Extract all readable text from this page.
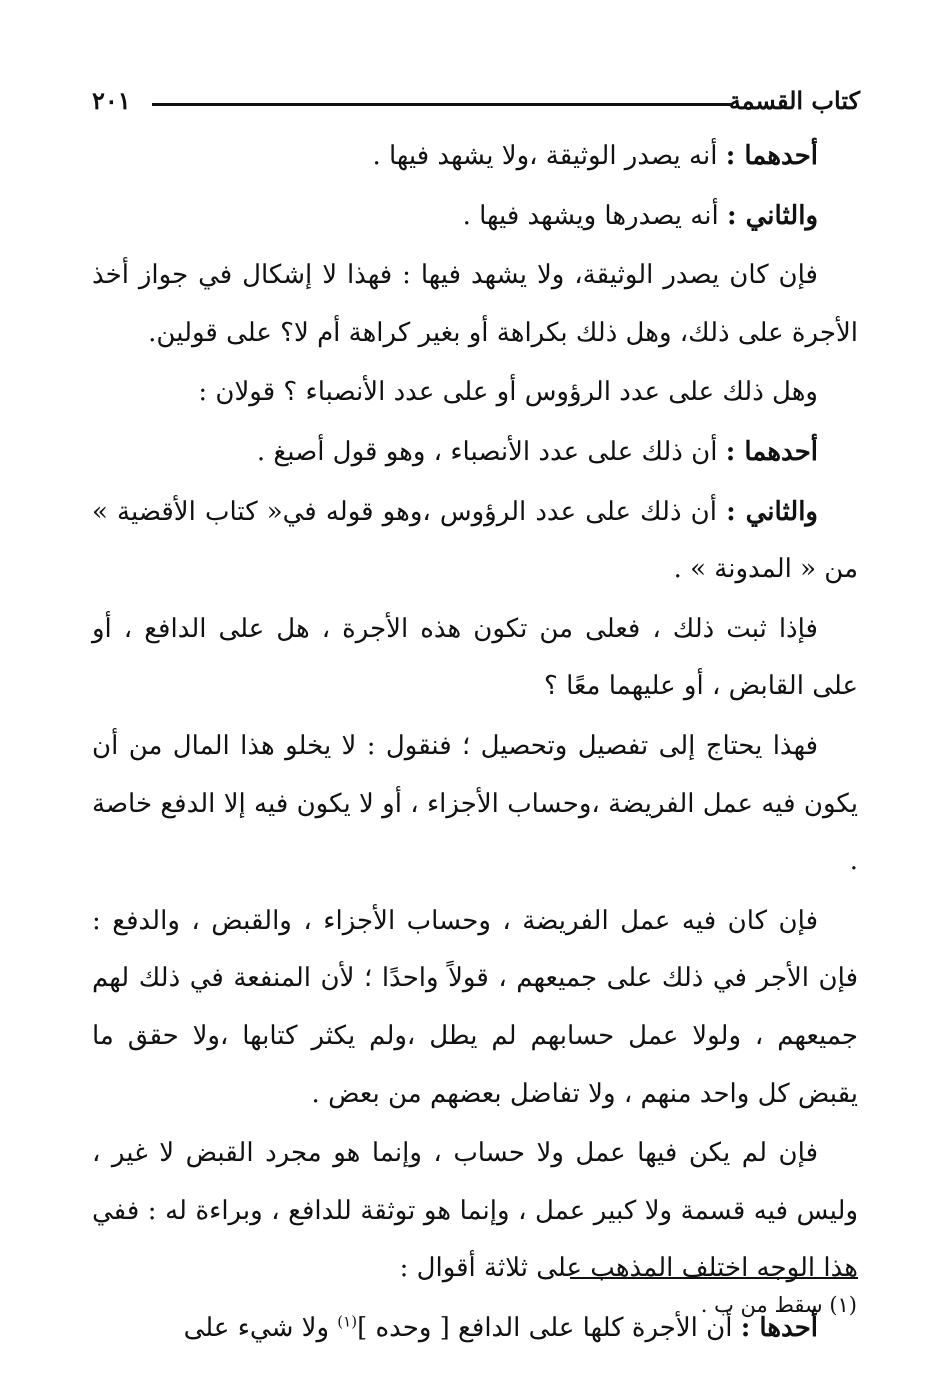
كتاب القسمة
٢٠١

أحدهما : أنه يصدر الوثيقة ،ولا يشهد فيها .

والثاني : أنه يصدرها ويشهد فيها .

فإن كان يصدر الوثيقة، ولا يشهد فيها : فهذا لا إشكال في جواز أخذ الأجرة على ذلك، وهل ذلك بكراهة أو بغير كراهة أم لا؟ على قولين.

وهل ذلك على عدد الرؤوس أو على عدد الأنصباء ؟ قولان :

أحدهما : أن ذلك على عدد الأنصباء ، وهو قول أصبغ .

والثاني : أن ذلك على عدد الرؤوس ،وهو قوله في« كتاب الأقضية » من « المدونة » .

فإذا ثبت ذلك ، فعلى من تكون هذه الأجرة ، هل على الدافع ، أو على القابض ، أو عليهما معًا ؟

فهذا يحتاج إلى تفصيل وتحصيل ؛ فنقول : لا يخلو هذا المال من أن يكون فيه عمل الفريضة ،وحساب الأجزاء ، أو لا يكون فيه إلا الدفع خاصة .

فإن كان فيه عمل الفريضة ، وحساب الأجزاء ، والقبض ، والدفع : فإن الأجر في ذلك على جميعهم ، قولاً واحدًا ؛ لأن المنفعة في ذلك لهم جميعهم ، ولولا عمل حسابهم لم يطل ،ولم يكثر كتابها ،ولا حقق ما يقبض كل واحد منهم ، ولا تفاضل بعضهم من بعض .

فإن لم يكن فيها عمل ولا حساب ، وإنما هو مجرد القبض لا غير ، وليس فيه قسمة ولا كبير عمل ، وإنما هو توثقة للدافع ، وبراءة له : ففي هذا الوجه اختلف المذهب على ثلاثة أقوال :

أحدها : أن الأجرة كلها على الدافع [ وحده ]$^{(١)}$ ولا شيء على

(١) سقط من ب .
